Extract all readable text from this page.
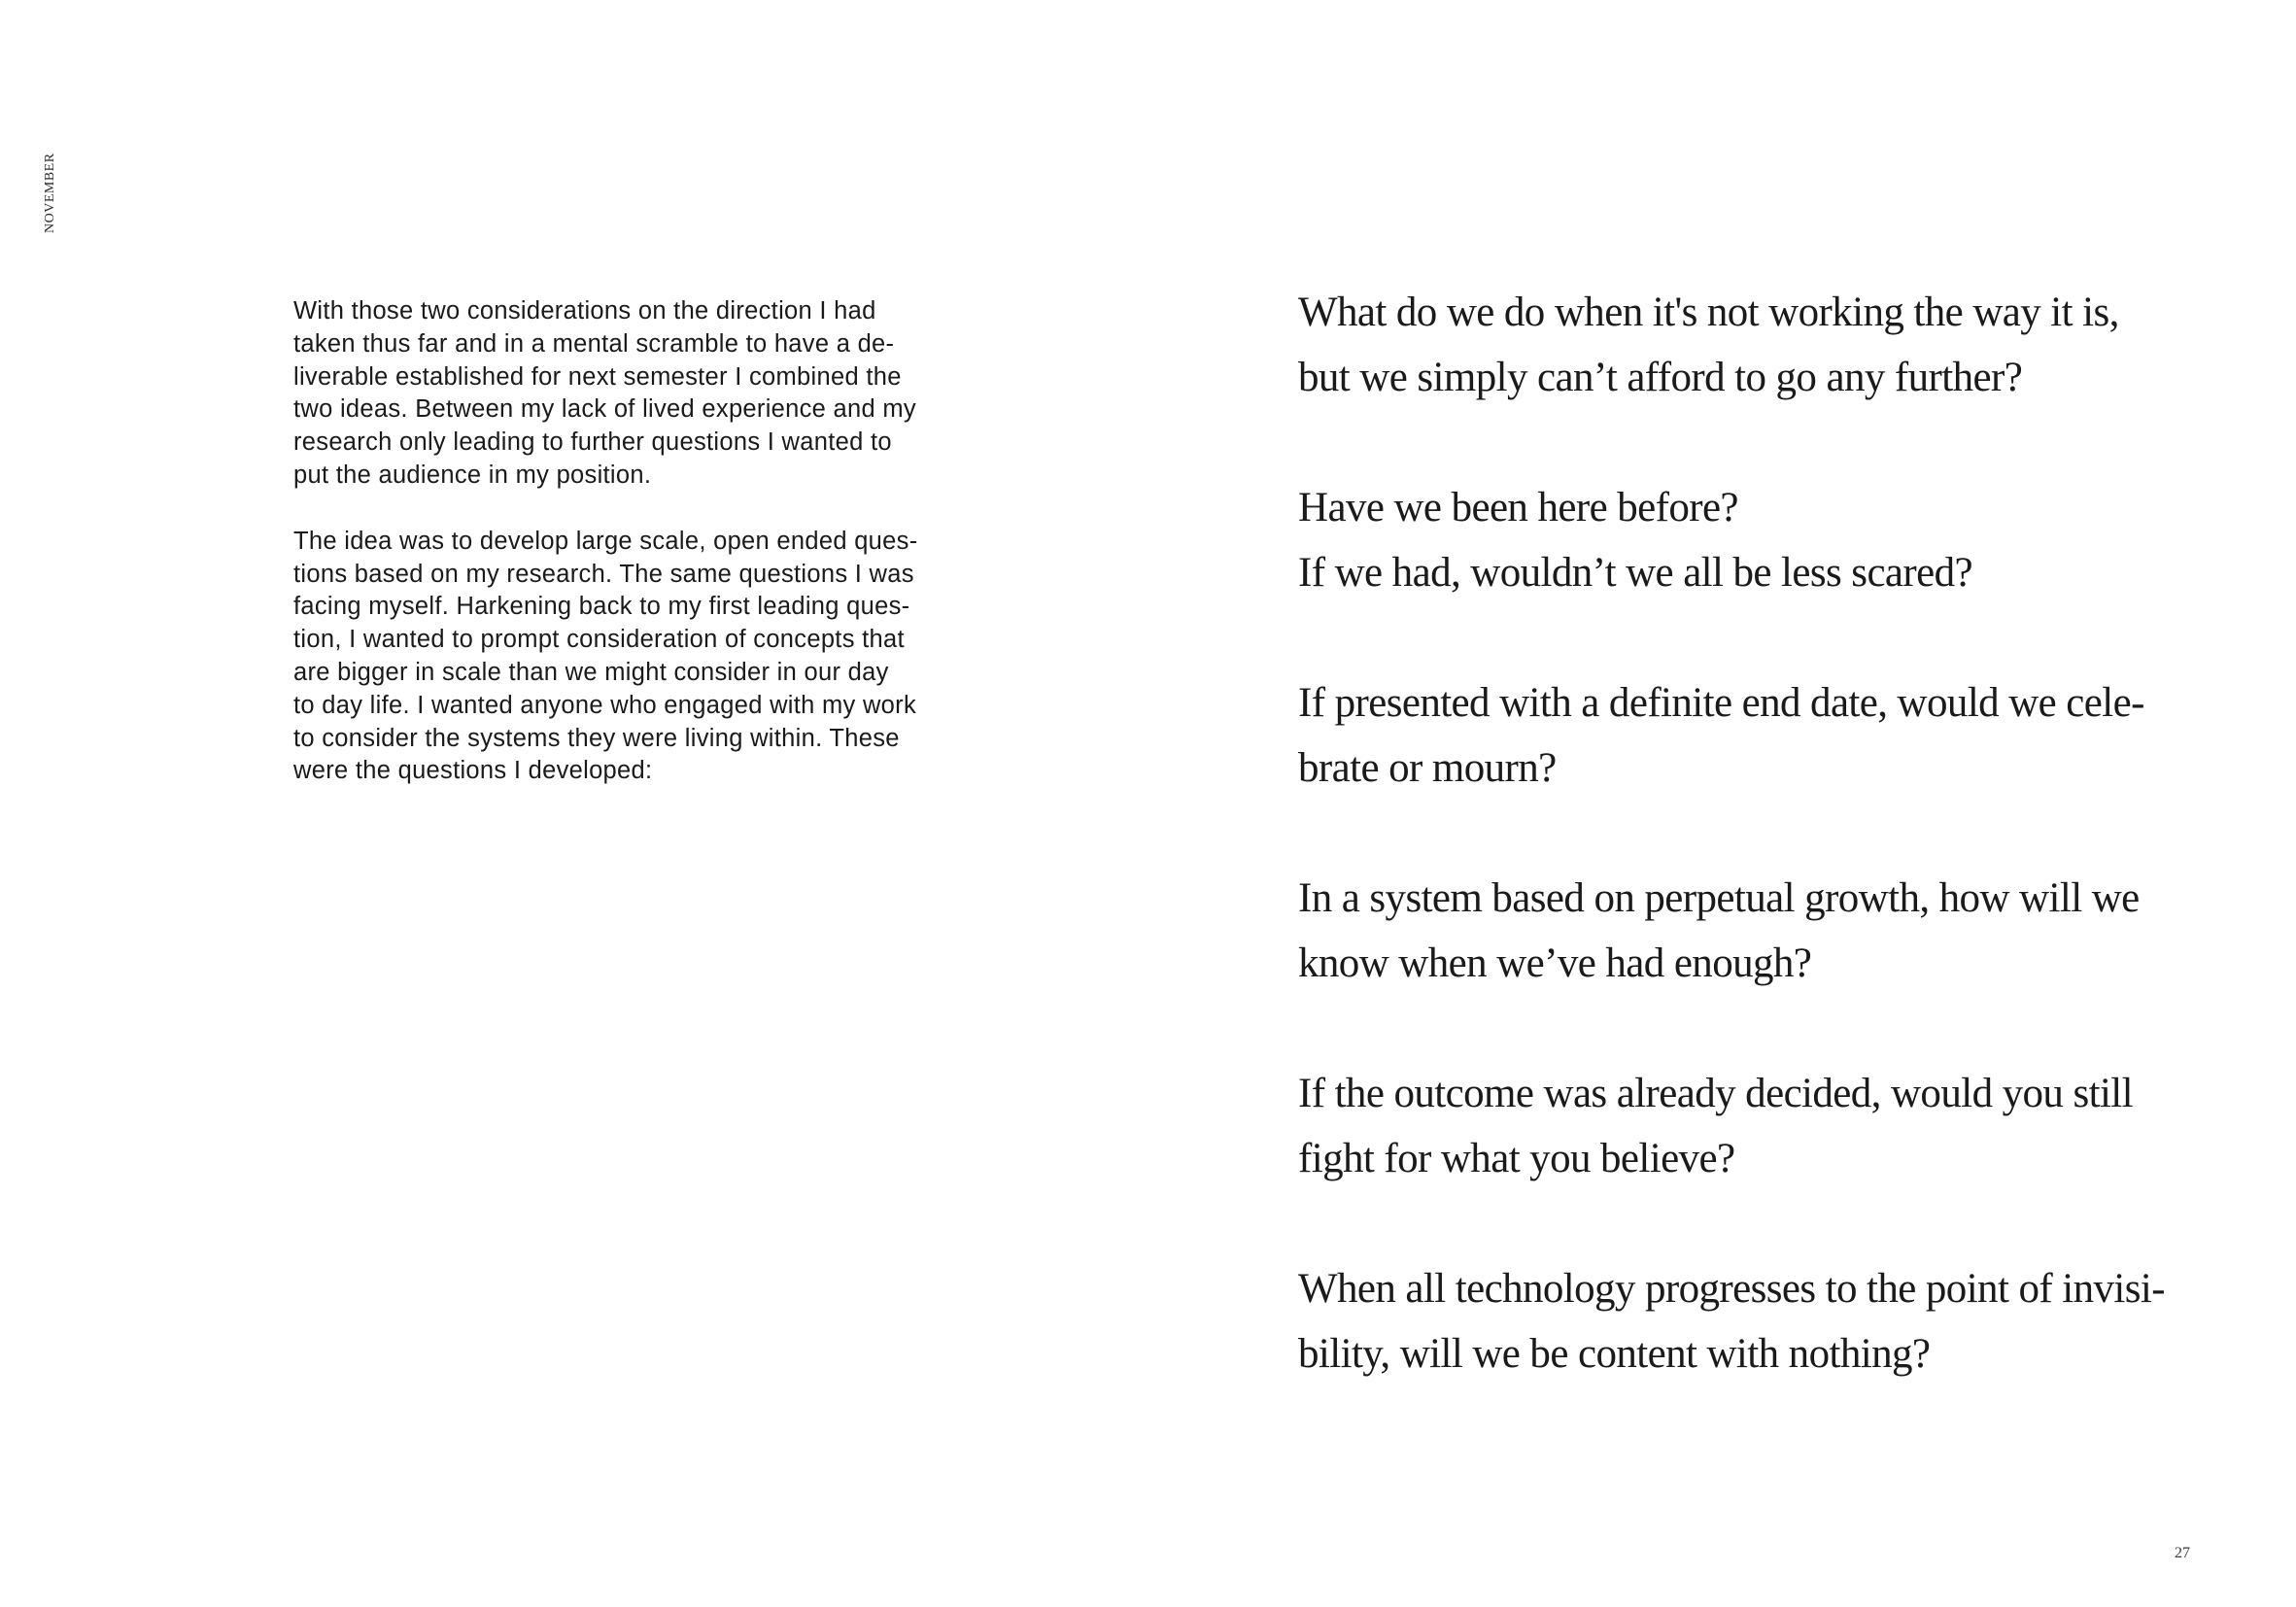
NOVEMBER

With those two considerations on the direction I had
taken thus far and in a mental scramble to have a de-
liverable established for next semester I combined the
two ideas. Between my lack of lived experience and my
research only leading to further questions I wanted to
put the audience in my position.

The idea was to develop large scale, open ended ques-
tions based on my research. The same questions I was
facing myself. Harkening back to my first leading ques-
tion, I wanted to prompt consideration of concepts that
are bigger in scale than we might consider in our day
to day life. I wanted anyone who engaged with my work
to consider the systems they were living within. These
were the questions I developed:

What do we do when it's not working the way it is,
but we simply can’t afford to go any further?
Have we been here before?
If we had, wouldn’t we all be less scared?
If presented with a definite end date, would we cele-
brate or mourn?
In a system based on perpetual growth, how will we
know when we’ve had enough?
If the outcome was already decided, would you still
fight for what you believe?
When all technology progresses to the point of invisi-
bility, will we be content with nothing?
27
